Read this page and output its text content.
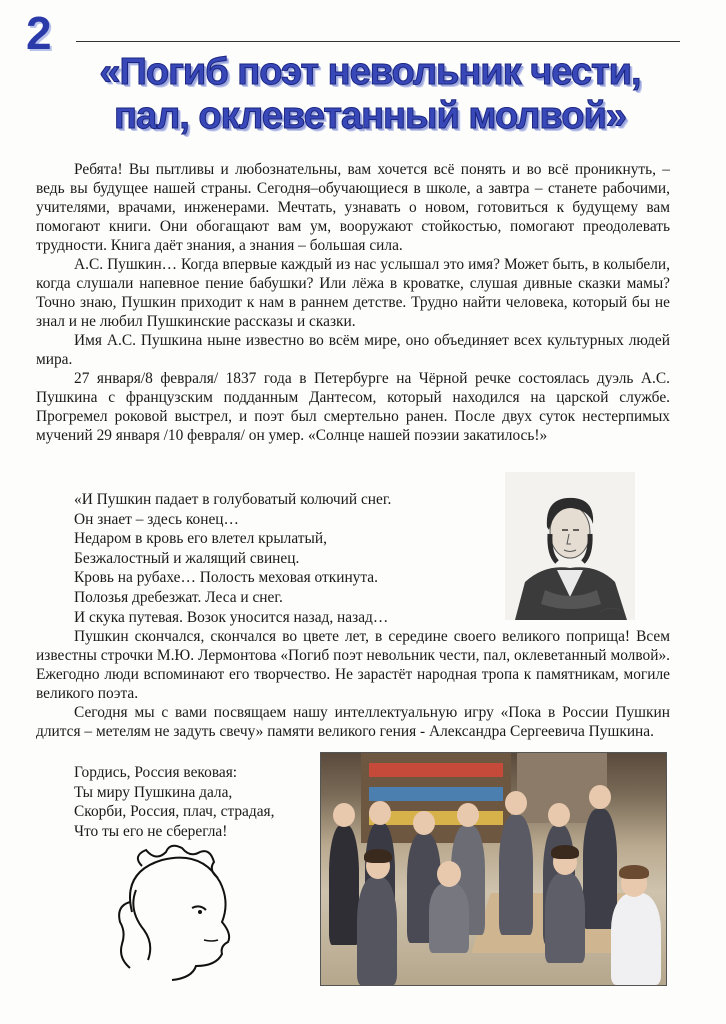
2
«Погиб поэт невольник чести,
пал, оклеветанный молвой»

Ребята! Вы пытливы и любознательны, вам хочется всё понять и во всё проникнуть, – ведь вы будущее нашей страны. Сегодня–обучающиеся в школе, а завтра – станете рабочими, учителями, врачами, инженерами. Мечтать, узнавать о новом, готовиться к будущему вам помогают книги. Они обогащают вам ум, вооружают стойкостью, помогают преодолевать трудности. Книга даёт знания, а знания – большая сила.

А.С. Пушкин… Когда впервые каждый из нас услышал это имя? Может быть, в колыбели, когда слушали напевное пение бабушки? Или лёжа в кроватке, слушая дивные сказки мамы? Точно знаю, Пушкин приходит к нам в раннем детстве. Трудно найти человека, который бы не знал и не любил Пушкинские рассказы и сказки.

Имя А.С. Пушкина ныне известно во всём мире, оно объединяет всех культурных людей мира.

27 января/8 февраля/ 1837 года в Петербурге на Чёрной речке состоялась дуэль А.С. Пушкина с французским подданным Дантесом, который находился на царской службе. Прогремел роковой выстрел, и поэт был смертельно ранен. После двух суток нестерпимых мучений 29 января /10 февраля/ он умер. «Солнце нашей поэзии закатилось!»

«И Пушкин падает в голубоватый колючий снег.

Он знает – здесь конец…

Недаром в кровь его влетел крылатый,

Безжалостный и жалящий свинец.

Кровь на рубахе… Полость меховая откинута.

Полозья дребезжат. Леса и снег.

И скука путевая. Возок уносится назад, назад…

Пушкин скончался, скончался во цвете лет, в середине своего великого поприща! Всем известны строчки М.Ю. Лермонтова «Погиб поэт невольник чести, пал, оклеветанный молвой». Ежегодно люди вспоминают его творчество. Не зарастёт народная тропа к памятникам, могиле великого поэта.

Сегодня мы с вами посвящаем нашу интеллектуальную игру «Пока в России Пушкин длится – метелям не задуть свечу» памяти великого гения - Александра Сергеевича Пушкина.

Гордись, Россия вековая:

Ты миру Пушкина дала,

Скорби, Россия, плач, страдая,

Что ты его не сберегла!
